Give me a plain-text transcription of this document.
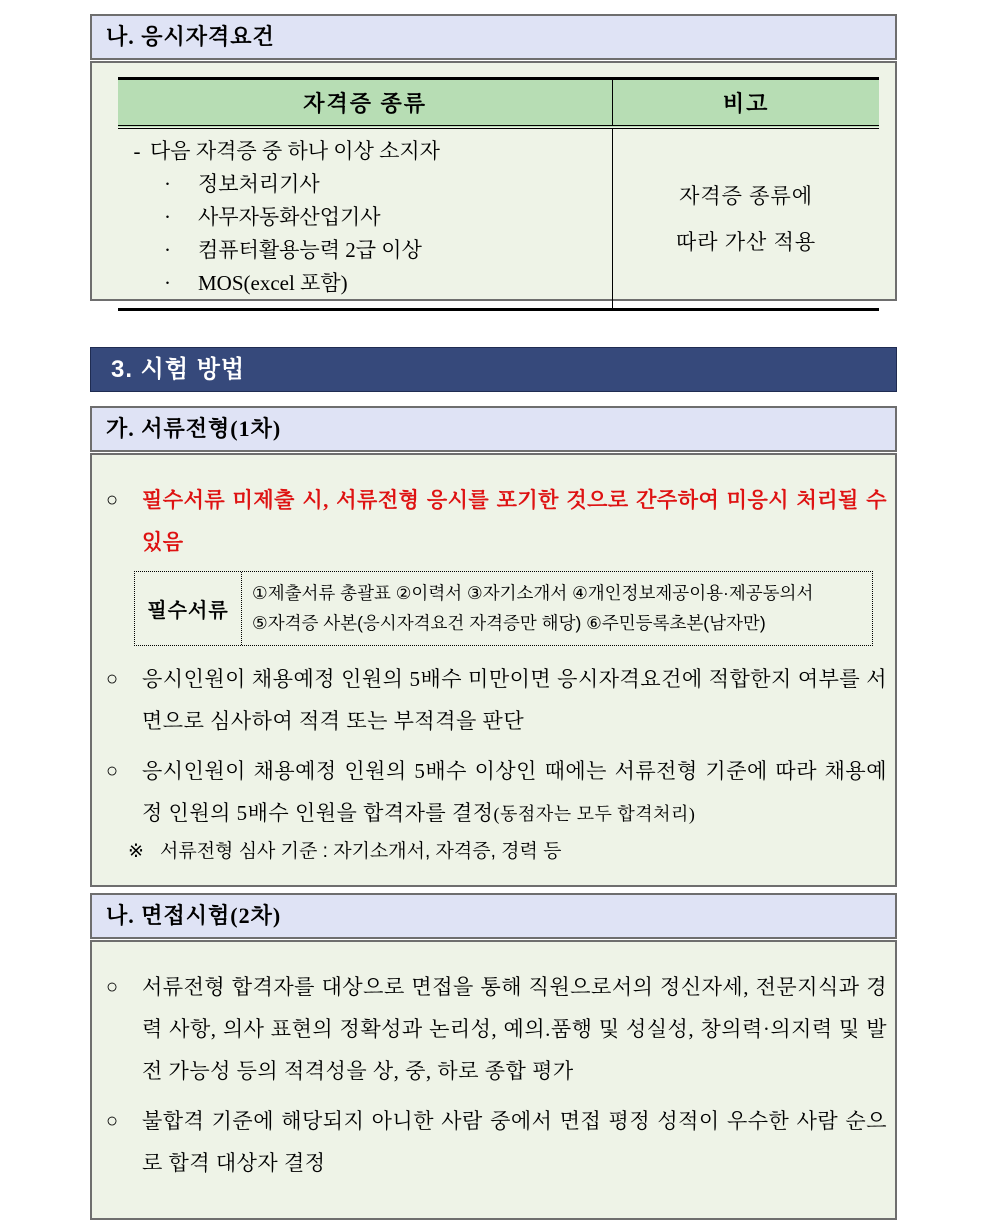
나. 응시자격요건
자격증 종류	비고

- 다음 자격증 중 하나 이상 소지자
·	정보처리기사
·	사무자동화산업기사
·	컴퓨터활용능력 2급 이상
·	MOS(excel 포함)

자격증 종류에
따라 가산 적용
3. 시험 방법
가. 서류전형(1차)
○	필수서류 미제출 시, 서류전형 응시를 포기한 것으로 간주하여 미응시 처리될 수 있음
필수서류
①제출서류 총괄표 ②이력서 ③자기소개서 ④개인정보제공이용·제공동의서
⑤자격증 사본(응시자격요건 자격증만 해당) ⑥주민등록초본(남자만)
○	응시인원이 채용예정 인원의 5배수 미만이면 응시자격요건에 적합한지 여부를 서면으로 심사하여 적격 또는 부적격을 판단
○	응시인원이 채용예정 인원의 5배수 이상인 때에는 서류전형 기준에 따라 채용예정 인원의 5배수 인원을 합격자를 결정(동점자는 모두 합격처리)
※ 서류전형 심사 기준 : 자기소개서, 자격증, 경력 등
나. 면접시험(2차)
○	서류전형 합격자를 대상으로 면접을 통해 직원으로서의 정신자세, 전문지식과 경력 사항, 의사 표현의 정확성과 논리성, 예의.품행 및 성실성, 창의력·의지력 및 발전 가능성 등의 적격성을 상, 중, 하로 종합 평가
○	불합격 기준에 해당되지 아니한 사람 중에서 면접 평정 성적이 우수한 사람 순으로 합격 대상자 결정
